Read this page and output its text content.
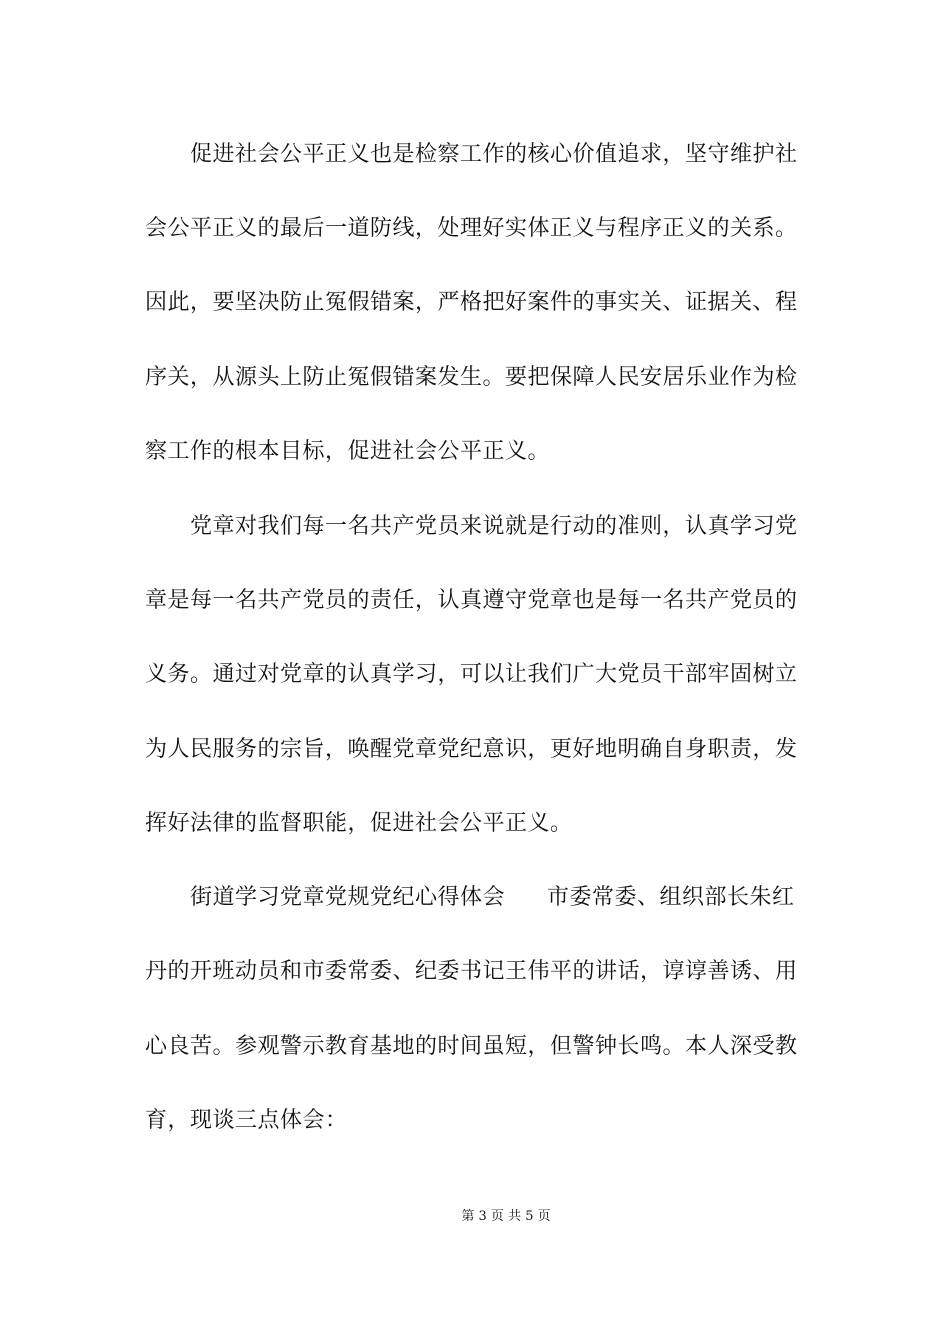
促进社会公平正义也是检察工作的核心价值追求，坚守维护社
会公平正义的最后一道防线，处理好实体正义与程序正义的关系。
因此，要坚决防止冤假错案，严格把好案件的事实关、证据关、程
序关，从源头上防止冤假错案发生。要把保障人民安居乐业作为检
察工作的根本目标，促进社会公平正义。
党章对我们每一名共产党员来说就是行动的准则，认真学习党
章是每一名共产党员的责任，认真遵守党章也是每一名共产党员的
义务。通过对党章的认真学习，可以让我们广大党员干部牢固树立
为人民服务的宗旨，唤醒党章党纪意识，更好地明确自身职责，发
挥好法律的监督职能，促进社会公平正义。
街道学习党章党规党纪心得体会 市委常委、组织部长朱红
丹的开班动员和市委常委、纪委书记王伟平的讲话，谆谆善诱、用
心良苦。参观警示教育基地的时间虽短，但警钟长鸣。本人深受教
育，现谈三点体会：
第 3 页 共 5 页
